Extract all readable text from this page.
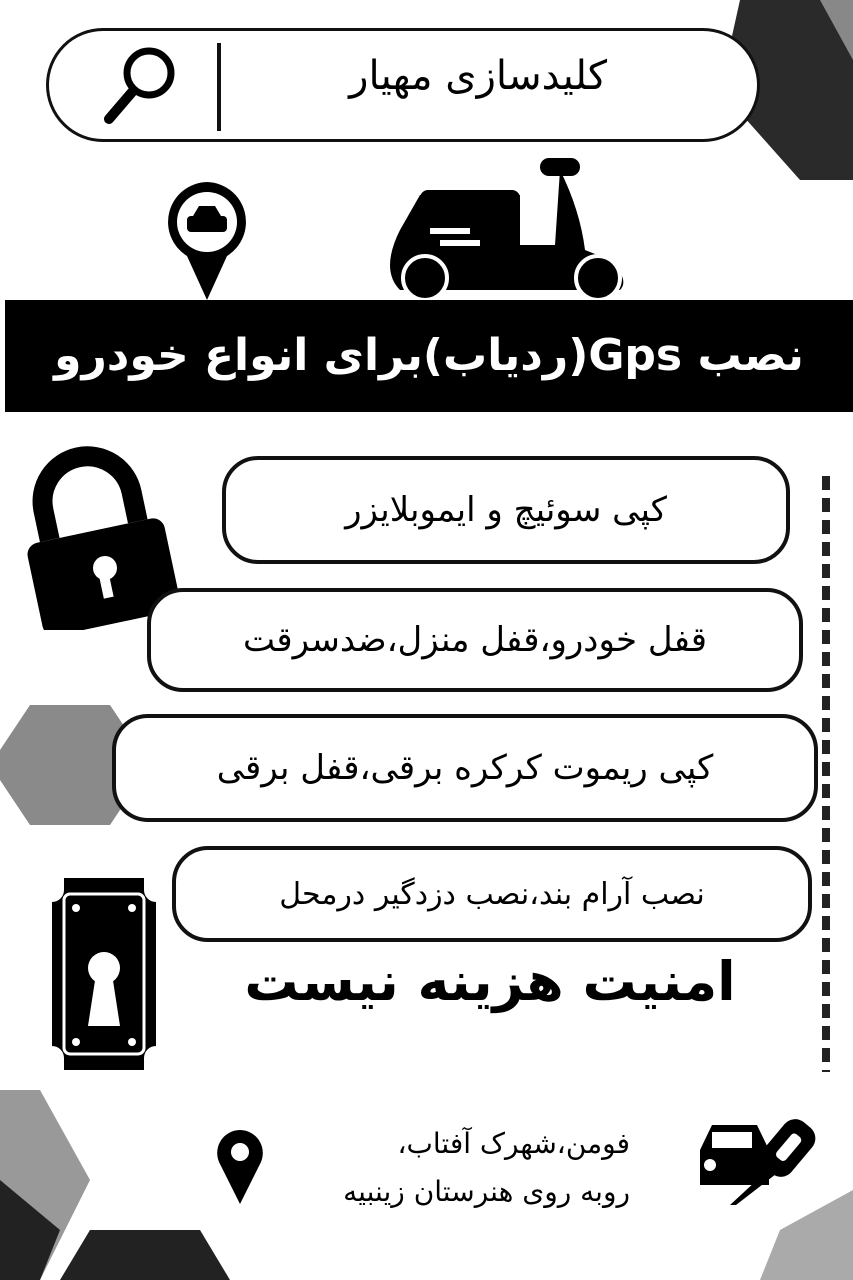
کلیدسازی مهیار
نصب Gps(ردیاب)برای انواع خودرو
کپی سوئیچ و ایموبلایزر
قفل خودرو،قفل منزل،ضدسرقت
کپی ریموت کرکره برقی،قفل برقی
نصب آرام بند،نصب دزدگیر درمحل
امنیت هزینه نیست
فومن،شهرک آفتاب،
روبه روی هنرستان زینبیه
